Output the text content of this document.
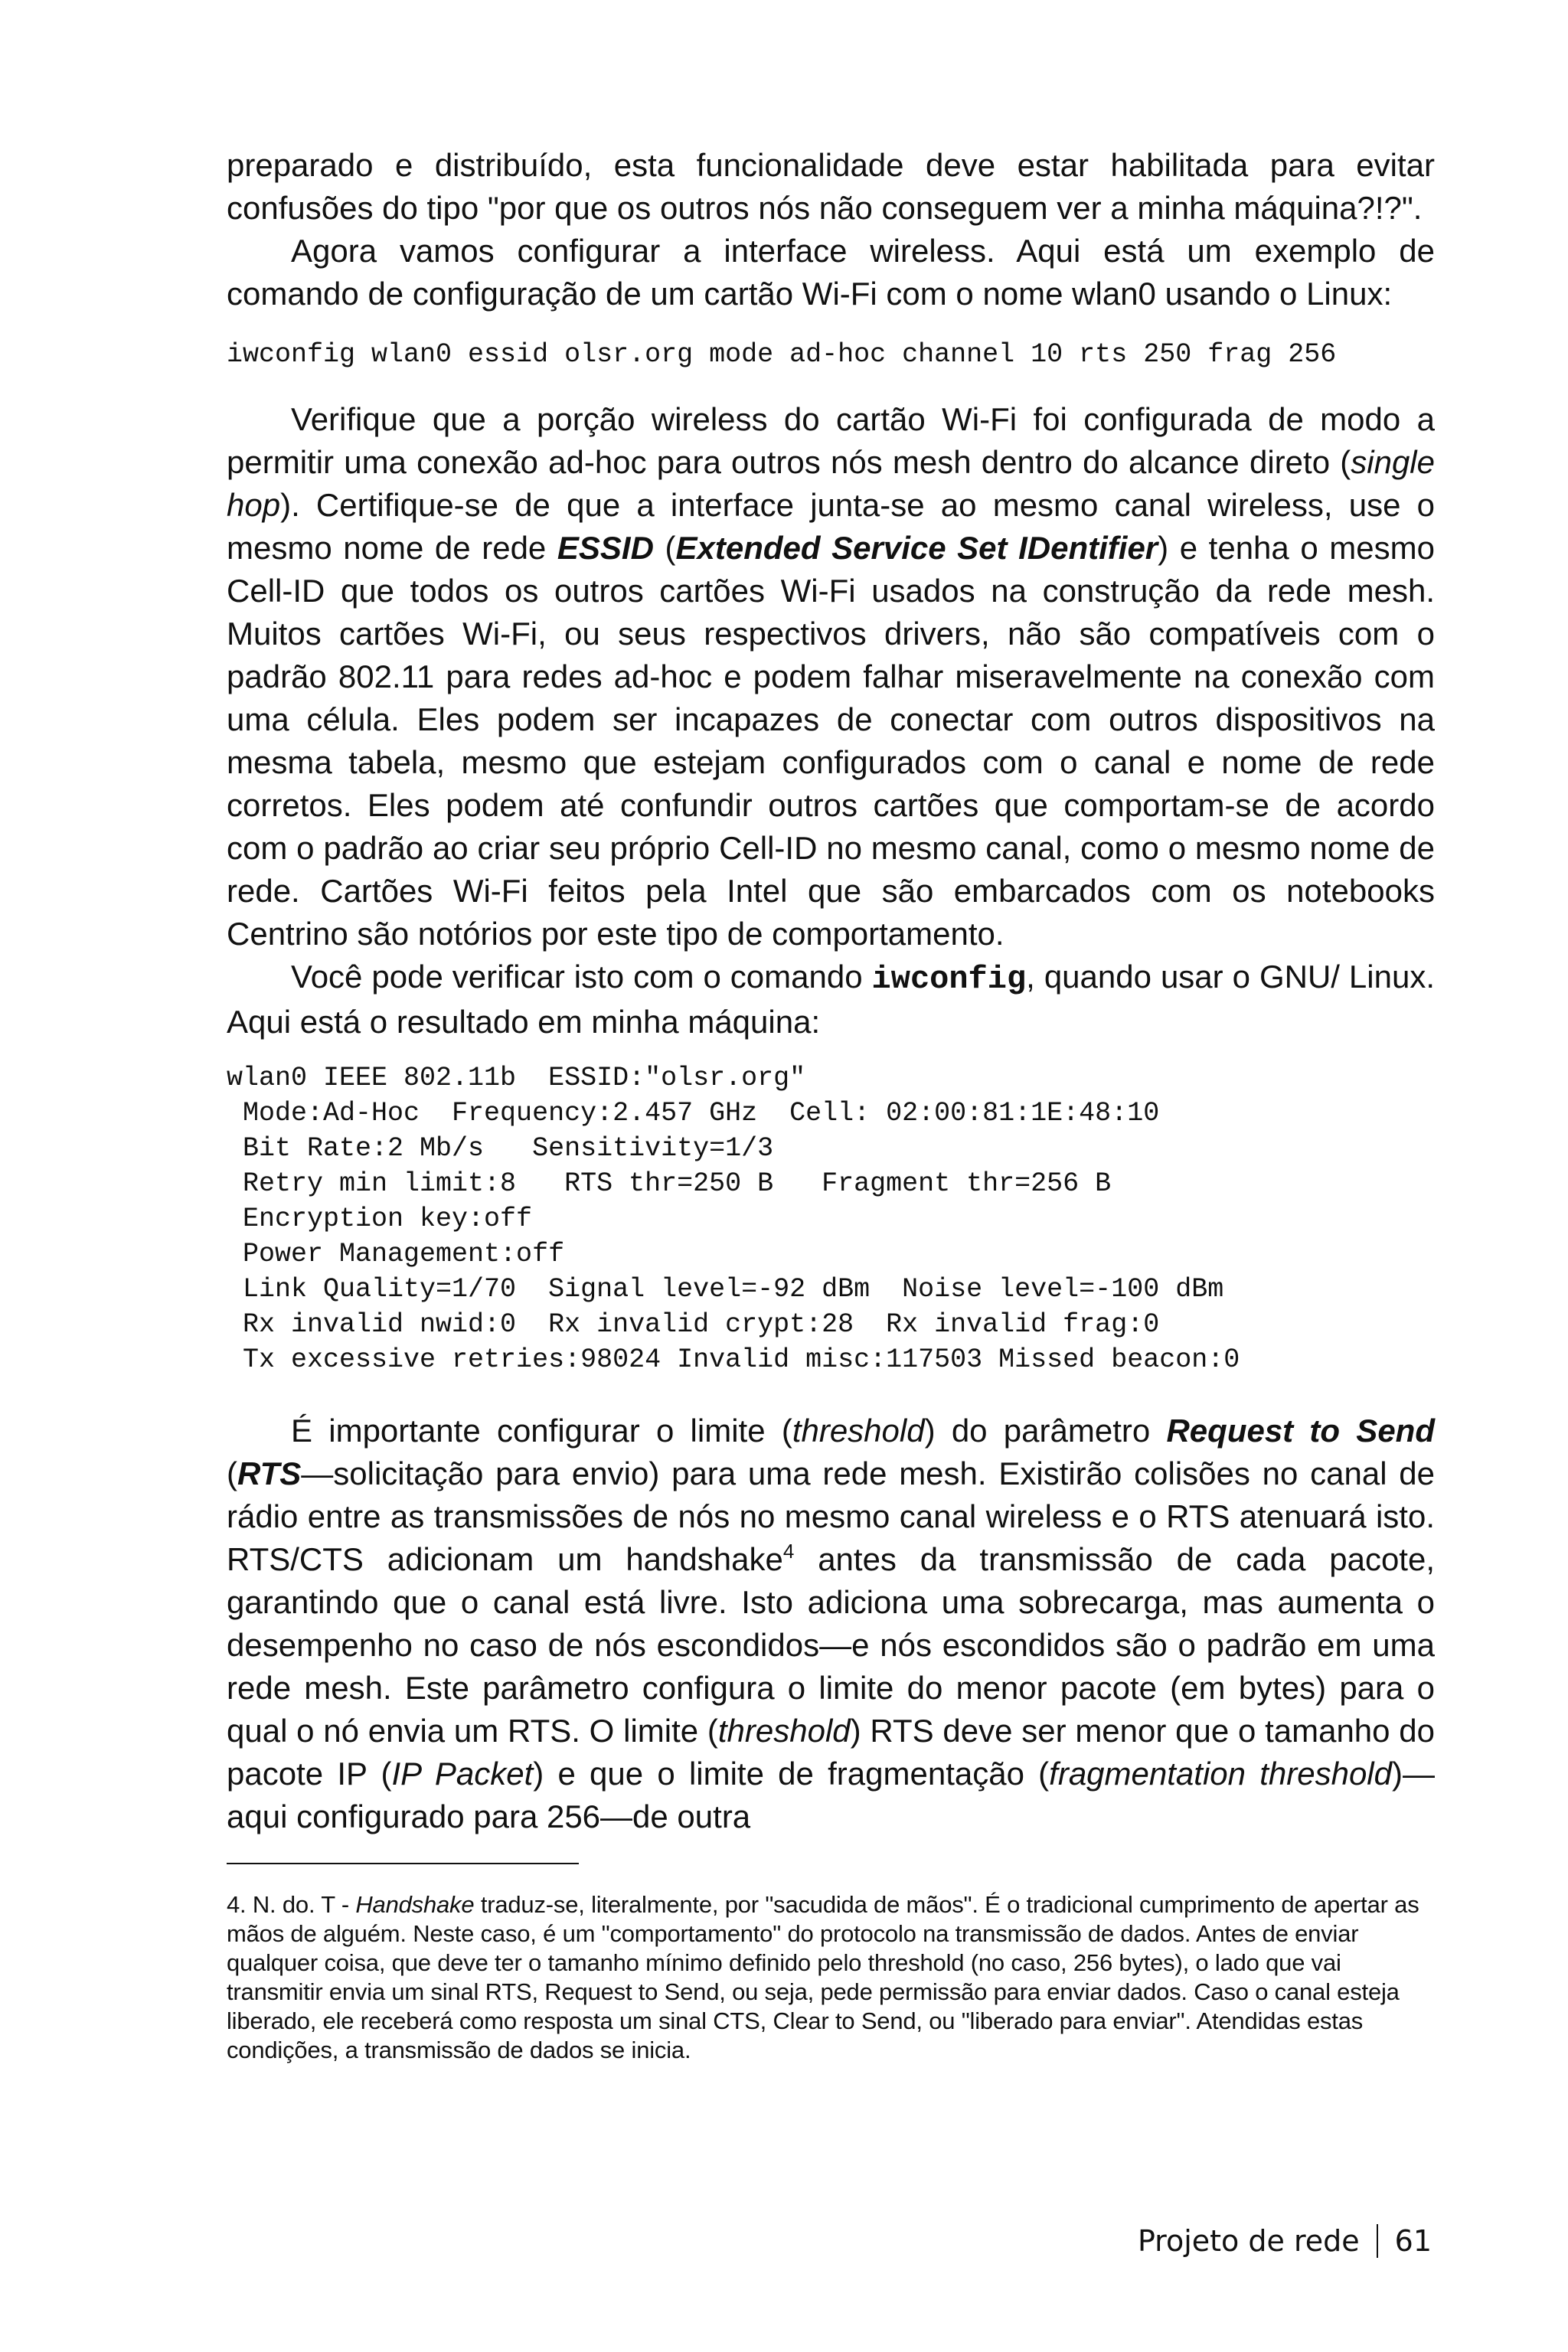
preparado e distribuído, esta funcionalidade deve estar habilitada para evitar confusões do tipo "por que os outros nós não conseguem ver a minha máquina?!?".

Agora vamos configurar a interface wireless. Aqui está um exemplo de comando de configuração de um cartão Wi-Fi com o nome wlan0 usando o Linux:

iwconfig wlan0 essid olsr.org mode ad-hoc channel 10 rts 250 frag 256

Verifique que a porção wireless do cartão Wi-Fi foi configurada de modo a permitir uma conexão ad-hoc para outros nós mesh dentro do alcance direto (single hop). Certifique-se de que a interface junta-se ao mesmo canal wireless, use o mesmo nome de rede ESSID (Extended Service Set IDentifier) e tenha o mesmo Cell-ID que todos os outros cartões Wi-Fi usados na construção da rede mesh. Muitos cartões Wi-Fi, ou seus respectivos drivers, não são compatíveis com o padrão 802.11 para redes ad-hoc e podem falhar miseravelmente na conexão com uma célula. Eles podem ser incapazes de conectar com outros dispositivos na mesma tabela, mesmo que estejam configurados com o canal e nome de rede corretos. Eles podem até confundir outros cartões que comportam-se de acordo com o padrão ao criar seu próprio Cell-ID no mesmo canal, como o mesmo nome de rede. Cartões Wi-Fi feitos pela Intel que são embarcados com os notebooks Centrino são notórios por este tipo de comportamento.

Você pode verificar isto com o comando iwconfig, quando usar o GNU/ Linux. Aqui está o resultado em minha máquina:

wlan0 IEEE 802.11b  ESSID:"olsr.org"

Mode:Ad-Hoc  Frequency:2.457 GHz  Cell: 02:00:81:1E:48:10

Bit Rate:2 Mb/s   Sensitivity=1/3

Retry min limit:8   RTS thr=250 B   Fragment thr=256 B

Encryption key:off

Power Management:off

Link Quality=1/70  Signal level=-92 dBm  Noise level=-100 dBm

Rx invalid nwid:0  Rx invalid crypt:28  Rx invalid frag:0

Tx excessive retries:98024 Invalid misc:117503 Missed beacon:0

É importante configurar o limite (threshold) do parâmetro Request to Send (RTS—solicitação para envio) para uma rede mesh. Existirão colisões no canal de rádio entre as transmissões de nós no mesmo canal wireless e o RTS atenuará isto. RTS/CTS adicionam um handshake$^4$ antes da transmissão de cada pacote, garantindo que o canal está livre. Isto adiciona uma sobrecarga, mas aumenta o desempenho no caso de nós escondidos—e nós escondidos são o padrão em uma rede mesh. Este parâmetro configura o limite do menor pacote (em bytes) para o qual o nó envia um RTS. O limite (threshold) RTS deve ser menor que o tamanho do pacote IP (IP Packet) e que o limite de fragmentação (fragmentation threshold)—aqui configurado para 256—de outra

4. N. do. T - Handshake traduz-se, literalmente, por "sacudida de mãos". É o tradicional cumprimento de apertar as mãos de alguém. Neste caso, é um "comportamento" do protocolo na transmissão de dados. Antes de enviar qualquer coisa, que deve ter o tamanho mínimo definido pelo threshold (no caso, 256 bytes), o lado que vai transmitir envia um sinal RTS, Request to Send, ou seja, pede permissão para enviar dados. Caso o canal esteja liberado, ele receberá como resposta um sinal CTS, Clear to Send, ou "liberado para enviar". Atendidas estas condições, a transmissão de dados se inicia.

Projeto de rede 61
